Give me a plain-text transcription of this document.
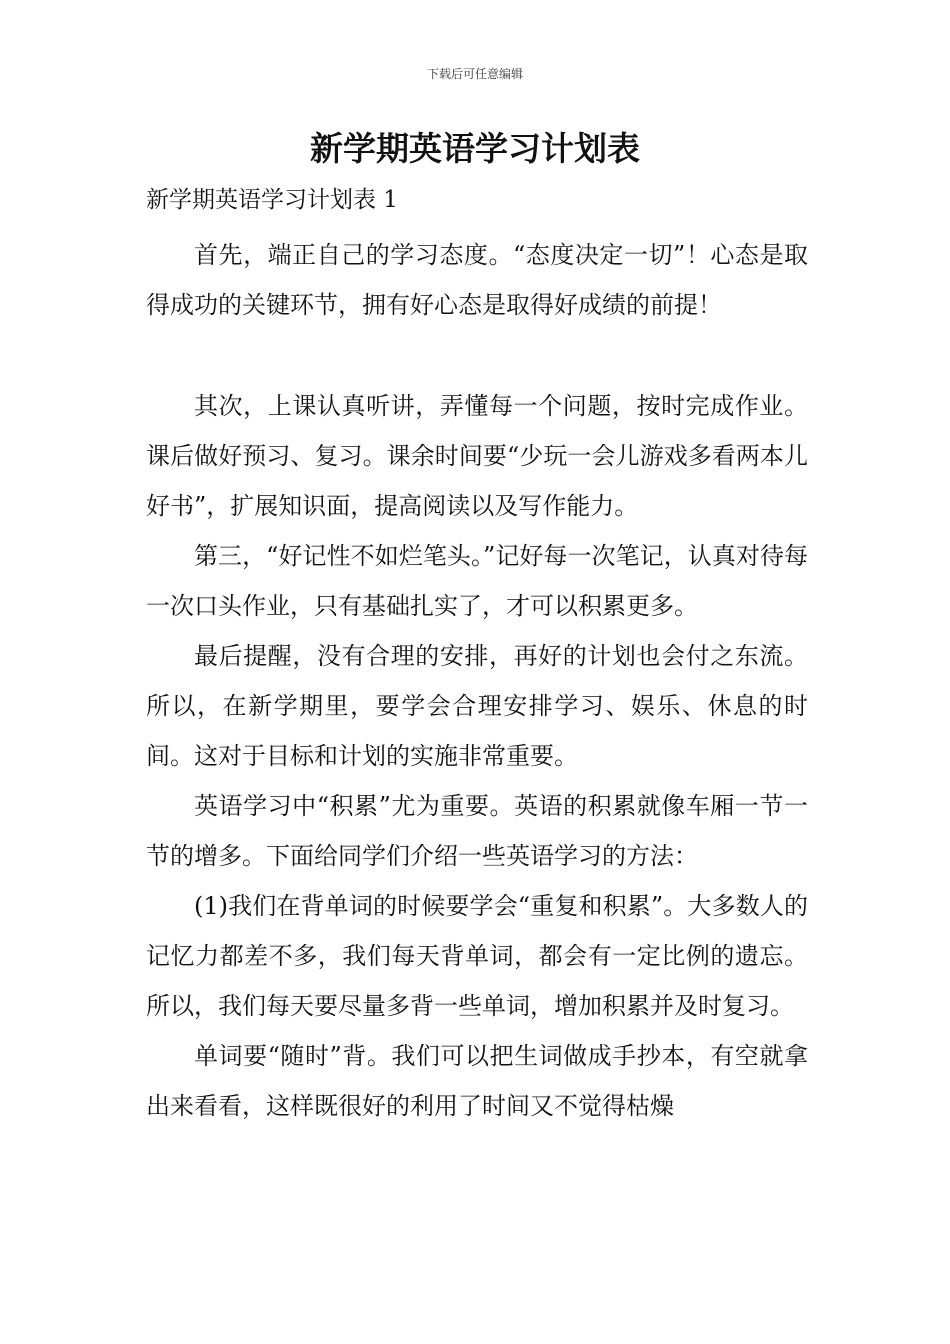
下载后可任意编辑
新学期英语学习计划表

新学期英语学习计划表 1

首先，端正自己的学习态度。“态度决定一切”！心态是取得成功的关键环节，拥有好心态是取得好成绩的前提！

其次，上课认真听讲，弄懂每一个问题，按时完成作业。课后做好预习、复习。课余时间要“少玩一会儿游戏多看两本儿好书”，扩展知识面，提高阅读以及写作能力。

第三，“好记性不如烂笔头。”记好每一次笔记，认真对待每一次口头作业，只有基础扎实了，才可以积累更多。

最后提醒，没有合理的安排，再好的计划也会付之东流。所以，在新学期里，要学会合理安排学习、娱乐、休息的时间。这对于目标和计划的实施非常重要。

英语学习中“积累”尤为重要。英语的积累就像车厢一节一节的增多。下面给同学们介绍一些英语学习的方法：

(1)我们在背单词的时候要学会“重复和积累”。大多数人的记忆力都差不多，我们每天背单词，都会有一定比例的遗忘。所以，我们每天要尽量多背一些单词，增加积累并及时复习。

单词要“随时”背。我们可以把生词做成手抄本，有空就拿出来看看，这样既很好的利用了时间又不觉得枯燥
